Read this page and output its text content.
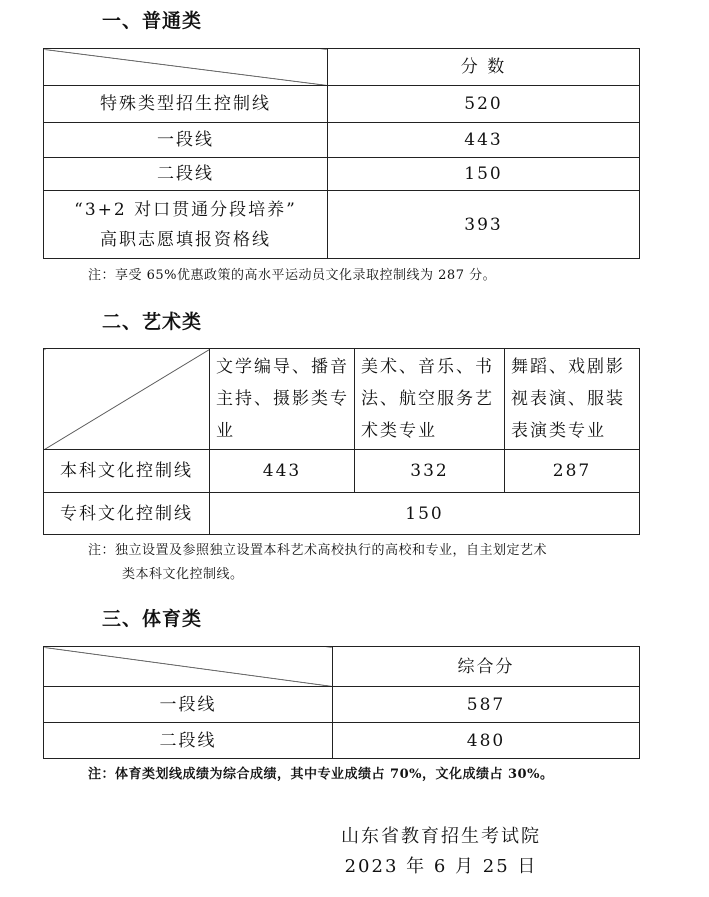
一、普通类
	分 数
特殊类型招生控制线	520
一段线	443
二段线	150

“3+2 对口贯通分段培养”
高职志愿填报资格线	393
注：享受 65%优惠政策的高水平运动员文化录取控制线为 287 分。
二、艺术类
	文学编导、播音主持、摄影类专业	美术、音乐、书法、航空服务艺术类专业	舞蹈、戏剧影视表演、服装表演类专业
本科文化控制线	443	332	287
专科文化控制线	150		
注：独立设置及参照独立设置本科艺术高校执行的高校和专业，自主划定艺术
类本科文化控制线。
三、体育类
	综合分
一段线	587
二段线	480
注：体育类划线成绩为综合成绩，其中专业成绩占 70%，文化成绩占 30%。
山东省教育招生考试院
2023 年 6 月 25 日
